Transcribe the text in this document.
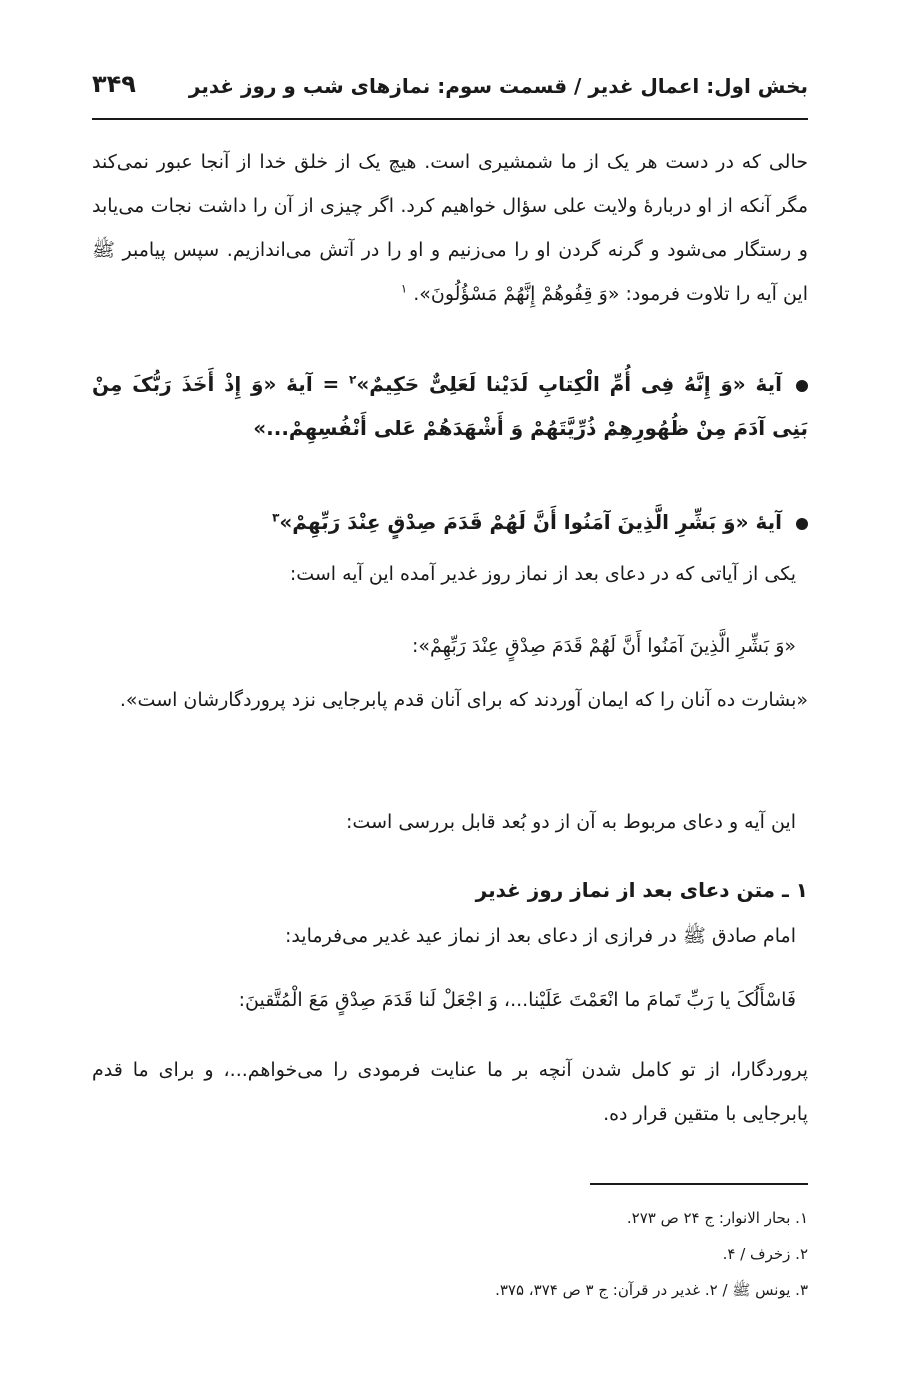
بخش اول: اعمال غدیر / قسمت سوم: نمازهای شب و روز غدیر
۳۴۹

حالی که در دست هر یک از ما شمشیری است. هیچ یک از خلق خدا از آنجا عبور نمی‌کند مگر آنکه از او دربارهٔ ولایت علی سؤال خواهیم کرد. اگر چیزی از آن را داشت نجات می‌یابد و رستگار می‌شود و گرنه گردن او را می‌زنیم و او را در آتش می‌اندازیم. سپس پیامبر ﷺ این آیه را تلاوت فرمود: «وَ قِفُوهُمْ إِنَّهُمْ مَسْؤُلُونَ». $^۱$

آیهٔ «وَ إِنَّهُ فِی أُمِّ الْکِتابِ لَدَیْنا لَعَلِیٌّ حَکِیمٌ»$^۲$ = آیهٔ «وَ إِذْ أَخَذَ رَبُّکَ مِنْ بَنِی آدَمَ مِنْ ظُهُورِهِمْ ذُرِّیَّتَهُمْ وَ أَشْهَدَهُمْ عَلی أَنْفُسِهِمْ...»
آیهٔ «وَ بَشِّرِ الَّذِینَ آمَنُوا أَنَّ لَهُمْ قَدَمَ صِدْقٍ عِنْدَ رَبِّهِمْ»$^۳$
یکی از آیاتی که در دعای بعد از نماز روز غدیر آمده این آیه است:
«وَ بَشِّرِ الَّذِینَ آمَنُوا أَنَّ لَهُمْ قَدَمَ صِدْقٍ عِنْدَ رَبِّهِمْ»:

«بشارت ده آنان را که ایمان آوردند که برای آنان قدم پابرجایی نزد پروردگارشان است».

این آیه و دعای مربوط به آن از دو بُعد قابل بررسی است:
۱ ـ متن دعای بعد از نماز روز غدیر
امام صادق ﷺ در فرازی از دعای بعد از نماز عید غدیر می‌فرماید:
فَاسْأَلُکَ یا رَبِّ تَمامَ ما انْعَمْتَ عَلَیْنا...، وَ اجْعَلْ لَنا قَدَمَ صِدْقٍ مَعَ الْمُتَّقینَ:

پروردگارا، از تو کامل شدن آنچه بر ما عنایت فرمودی را می‌خواهم...، و برای ما قدم پابرجایی با متقین قرار ده.

۱. بحار الانوار: ج ۲۴ ص ۲۷۳.
۲. زخرف / ۴.
۳. یونس ﷺ / ۲. غدیر در قرآن: ج ۳ ص ۳۷۴، ۳۷۵.
